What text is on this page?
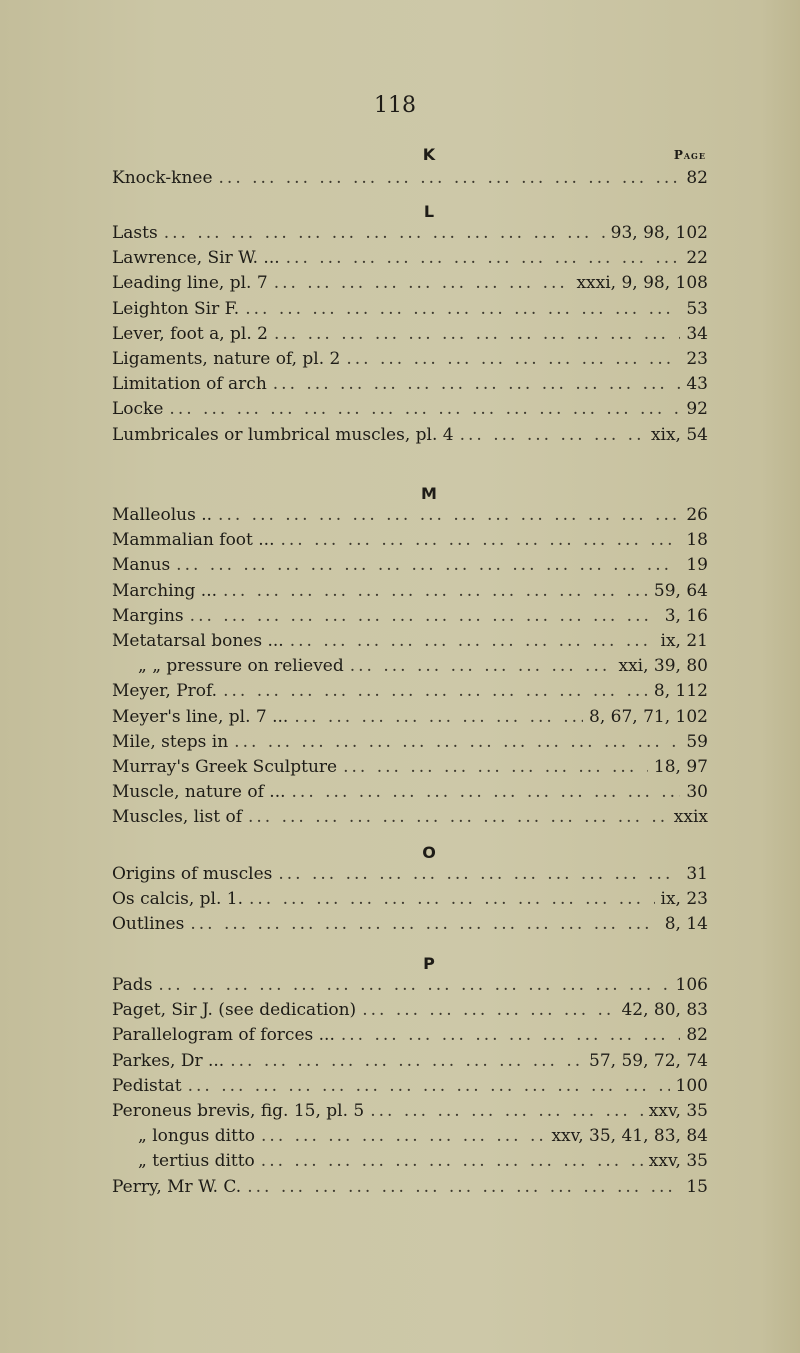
118
K	Page
Knock-knee ... .	82
L
Lasts ... .	93, 98, 102
Lawrence, Sir W. ... ... .	22
Leading line, pl. 7 ... .	xxxi, 9, 98, 108
Leighton Sir F. ... .	53
Lever, foot a, pl. 2 ... .	34
Ligaments, nature of, pl. 2 ... .	23
Limitation of arch ... .	43
Locke ... .	92
Lumbricales or lumbrical muscles, pl. 4 ... .	xix, 54
M
Malleolus .. ... .	26
Mammalian foot ... ... .	18
Manus ... .	19
Marching ... ... .	59, 64
Margins ... .	3, 16
Metatarsal bones ... ... .	ix, 21
„ „ pressure on relieved ... .	xxi, 39, 80
Meyer, Prof. ... .	8, 112
Meyer's line, pl. 7 ... ... .	8, 67, 71, 102
Mile, steps in ... .	59
Murray's Greek Sculpture ... .	18, 97
Muscle, nature of ... ... .	30
Muscles, list of ... .	xxix
O
Origins of muscles ... .	31
Os calcis, pl. 1. ... .	ix, 23
Outlines ... .	8, 14
P
Pads ... .	106
Paget, Sir J. (see dedication) ... .	42, 80, 83
Parallelogram of forces ... ... .	82
Parkes, Dr ... ... .	57, 59, 72, 74
Pedistat ... .	100
Peroneus brevis, fig. 15, pl. 5 ... .	xxv, 35
„ longus ditto ... .	xxv, 35, 41, 83, 84
„ tertius ditto ... .	xxv, 35
Perry, Mr W. C. ... .	15
